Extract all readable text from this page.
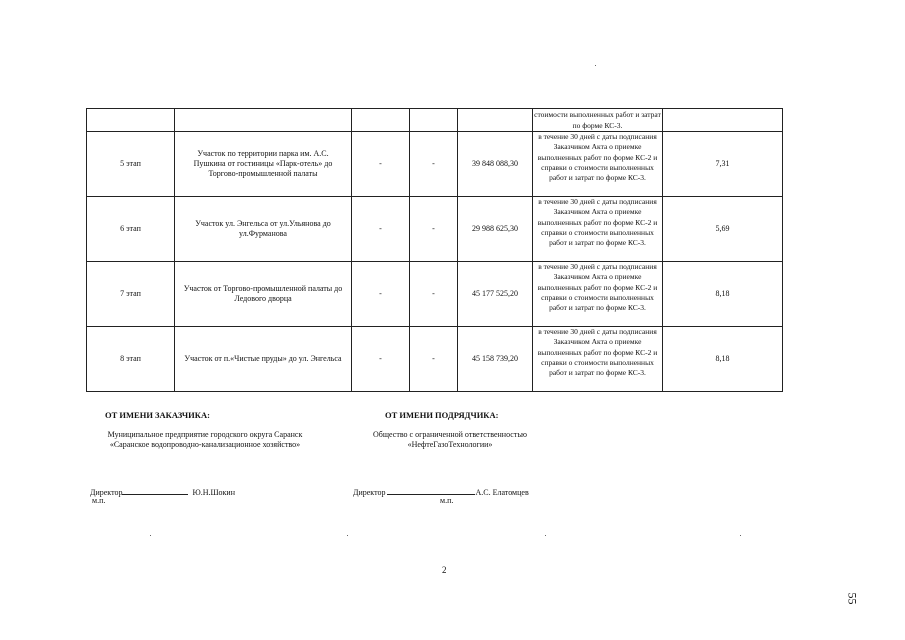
					стоимости выполненных работ и затрат по форме КС-3.	
5 этап	Участок по территории парка им. А.С. Пушкина от гостиницы «Парк-отель» до Торгово-промышленной палаты	-	-	39 848 088,30	в течение 30 дней с даты подписания Заказчиком Акта о приемке выполненных работ по форме КС-2 и справки о стоимости выполненных работ и затрат по форме КС-3.	7,31
6 этап	Участок ул. Энгельса от ул.Ульянова до ул.Фурманова	-	-	29 988 625,30	в течение 30 дней с даты подписания Заказчиком Акта о приемке выполненных работ по форме КС-2 и справки о стоимости выполненных работ и затрат по форме КС-3.	5,69
7 этап	Участок от Торгово-промышленной палаты до Ледового дворца	-	-	45 177 525,20	в течение 30 дней с даты подписания Заказчиком Акта о приемке выполненных работ по форме КС-2 и справки о стоимости выполненных работ и затрат по форме КС-3.	8,18
8 этап	Участок от п.«Чистые пруды» до ул. Энгельса	-	-	45 158 739,20	в течение 30 дней с даты подписания Заказчиком Акта о приемке выполненных работ по форме КС-2 и справки о стоимости выполненных работ и затрат по форме КС-3.	8,18
ОТ ИМЕНИ ЗАКАЗЧИКА:
Муниципальное предприятие городского округа Саранск «Саранское водопроводно-канализационное хозяйство»
Директор	Ю.Н.Шокин
м.п.
ОТ ИМЕНИ ПОДРЯДЧИКА:
Общество с ограниченной ответственностью «НефтеГазоТехнологии»
Директор	А.С. Елатомцев
м.п.
2
55
